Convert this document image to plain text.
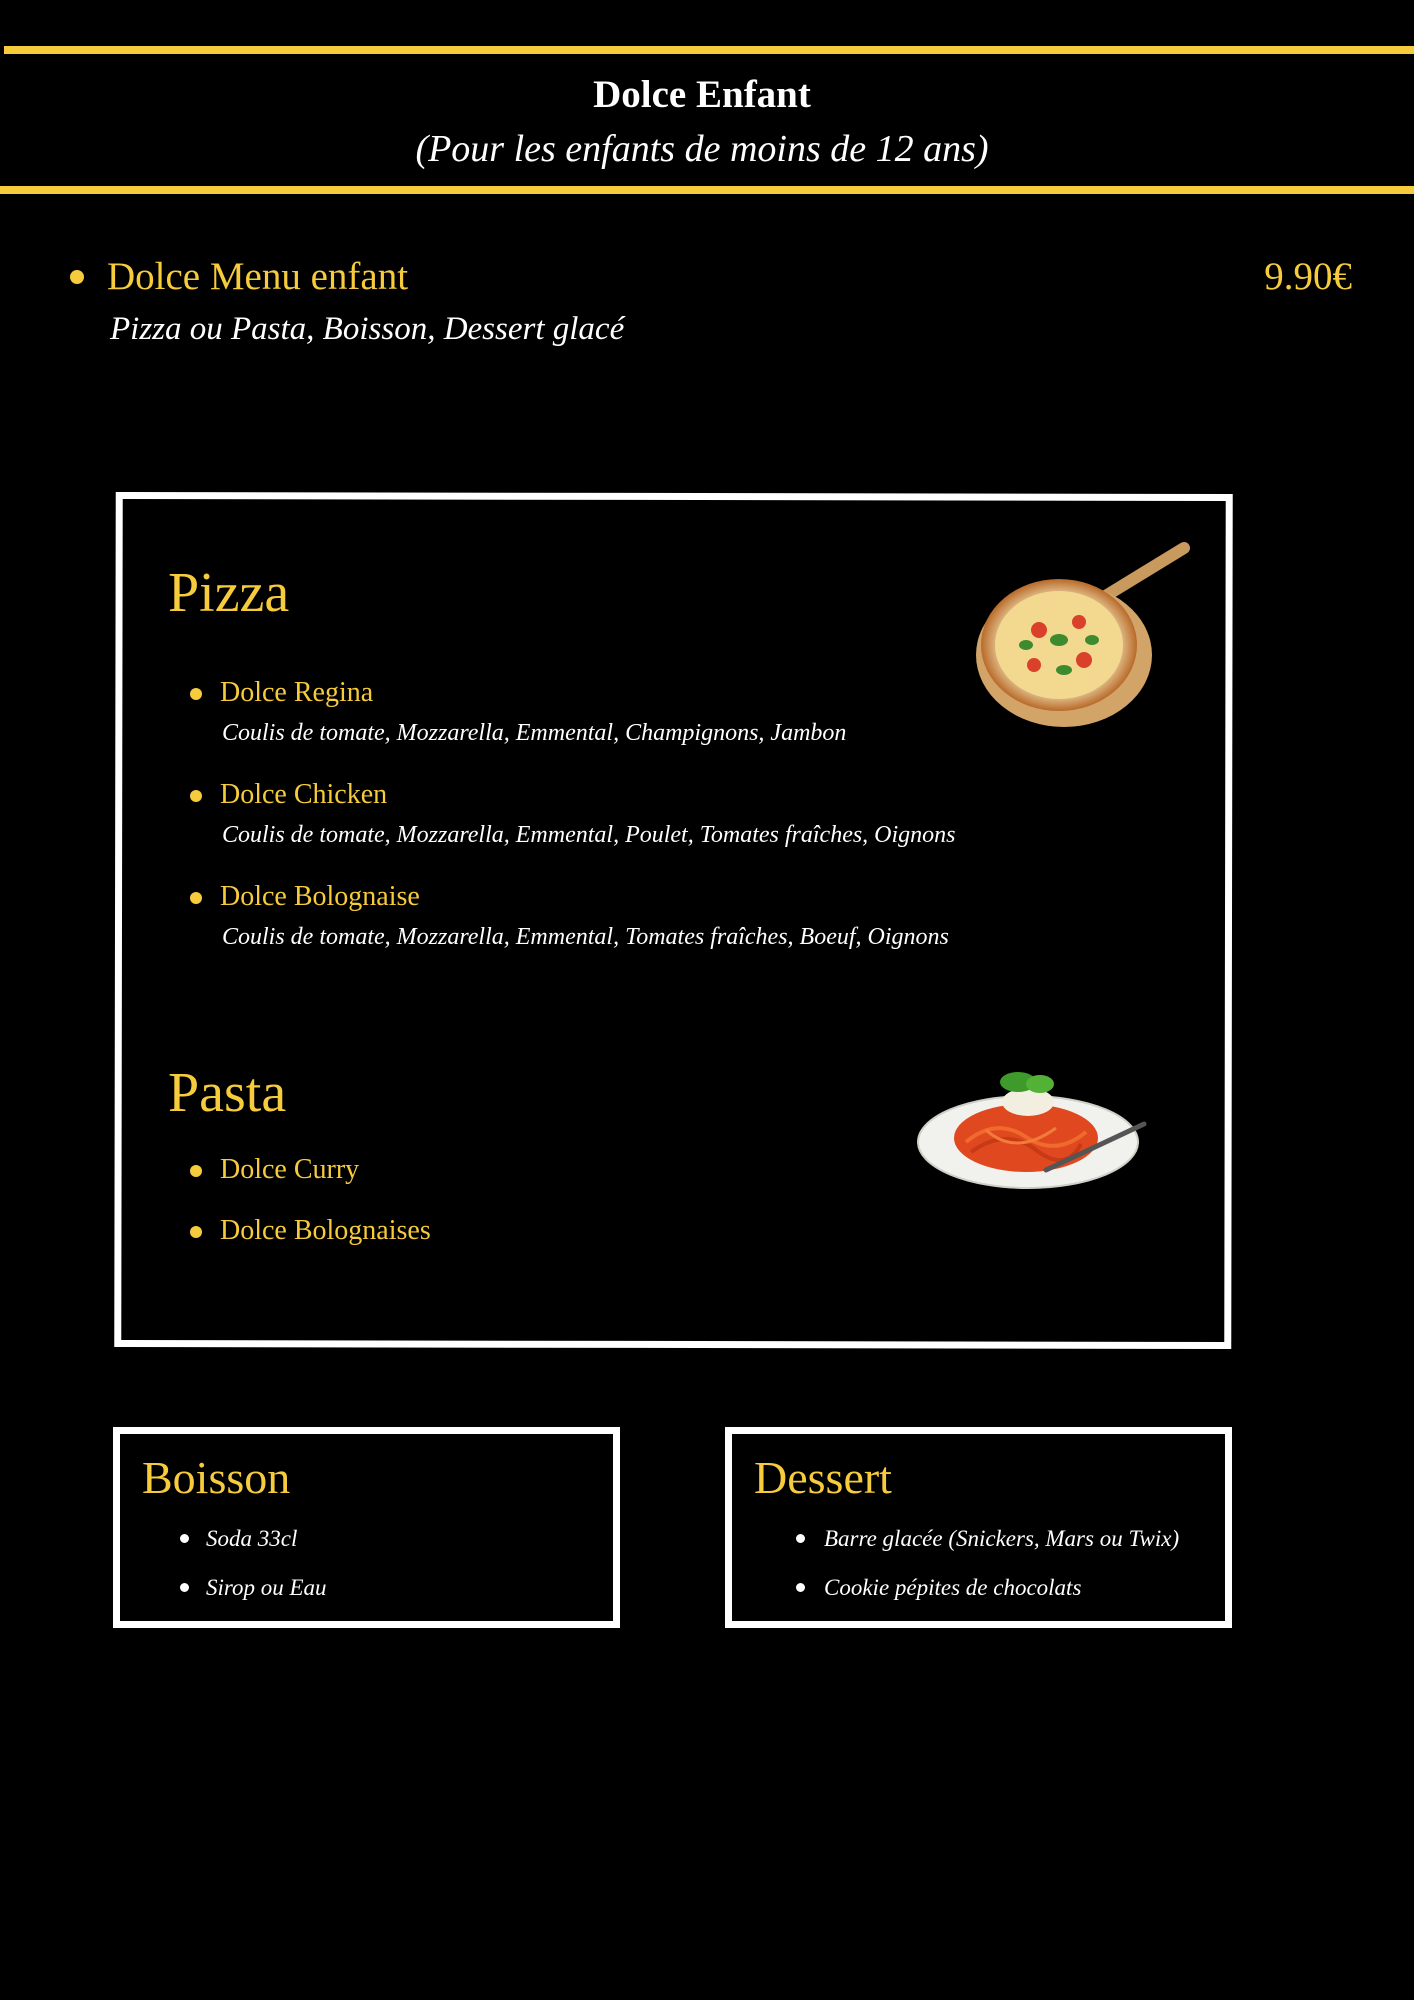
Dolce Enfant
(Pour les enfants de moins de 12 ans)
Dolce Menu enfant	9.90€
Pizza ou Pasta, Boisson, Dessert glacé
Pizza
Dolce Regina
Coulis de tomate, Mozzarella, Emmental, Champignons, Jambon
Dolce Chicken
Coulis de tomate, Mozzarella, Emmental, Poulet, Tomates fraîches, Oignons
Dolce Bolognaise
Coulis de tomate, Mozzarella, Emmental, Tomates fraîches, Boeuf, Oignons
Pasta
Dolce Curry
Dolce Bolognaises
Boisson
Soda 33cl
Sirop ou Eau
Dessert
Barre glacée (Snickers, Mars ou Twix)
Cookie pépites de chocolats
